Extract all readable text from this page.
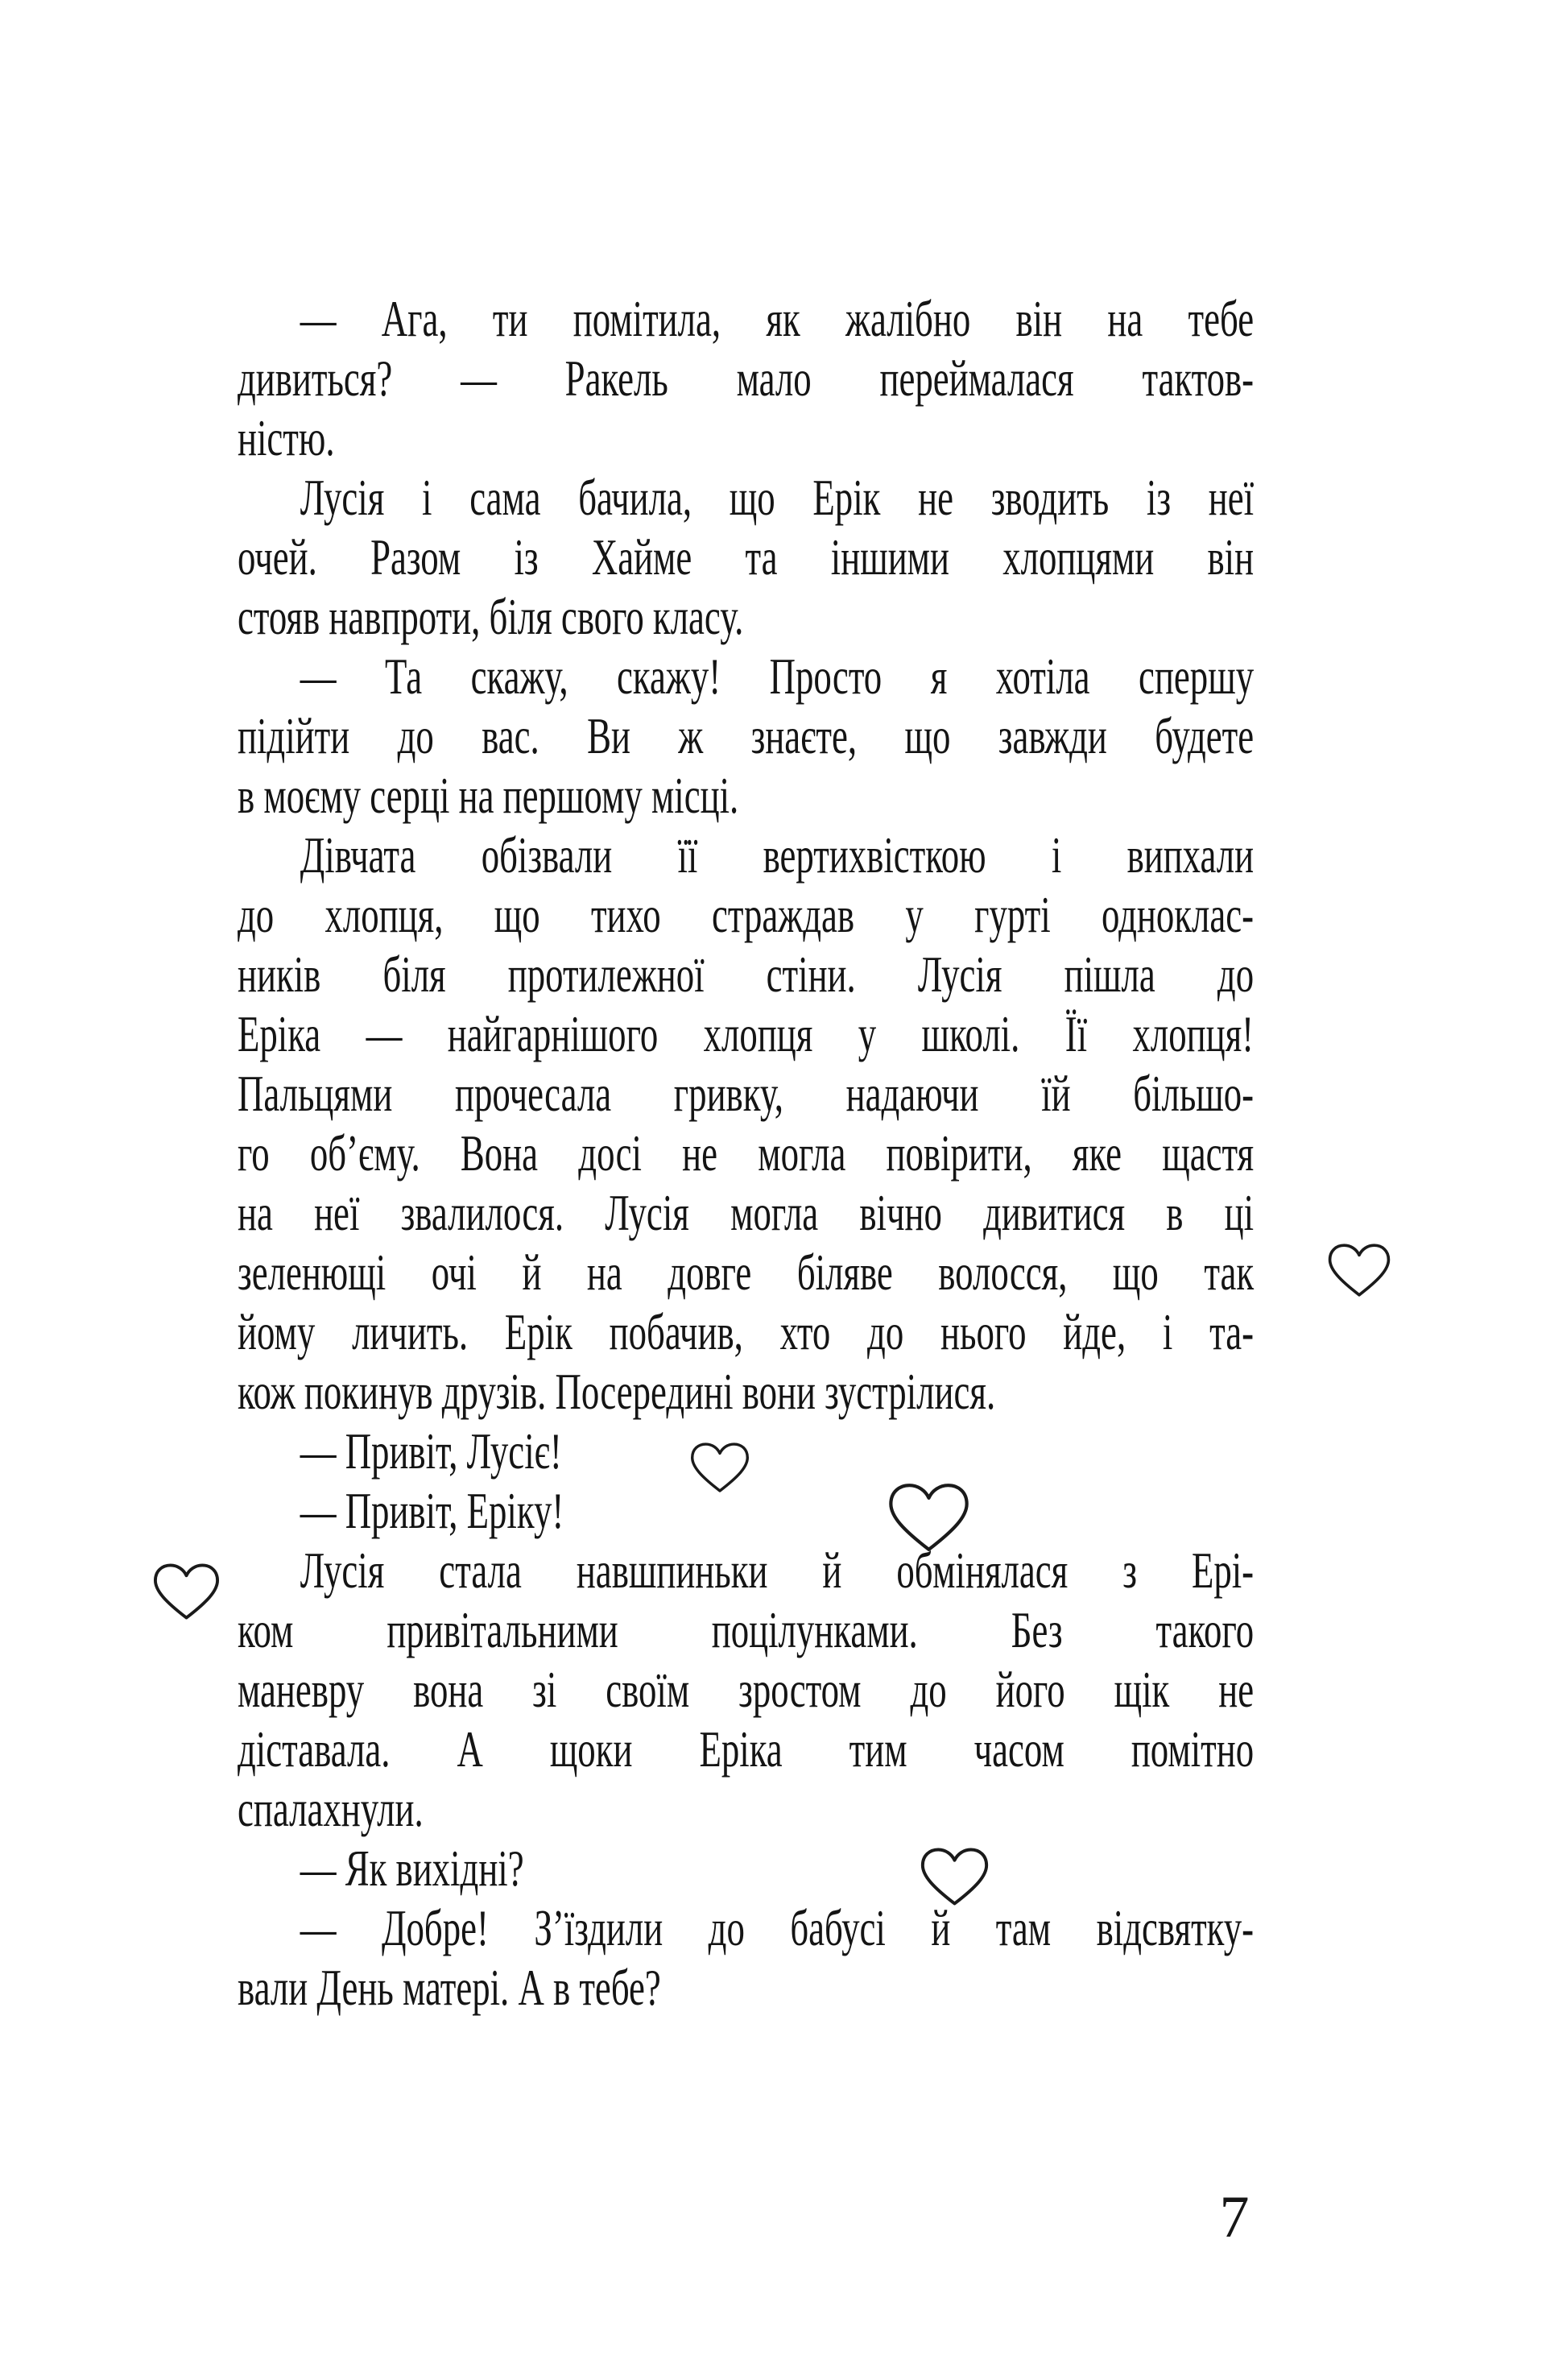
— Ага, ти помітила, як жалібно він на тебе
дивиться? — Ракель мало переймалася тактов-
ністю.
Лусія і сама бачила, що Ерік не зводить із неї
очей. Разом із Хайме та іншими хлопцями він
стояв навпроти, біля свого класу.
— Та скажу, скажу! Просто я хотіла спершу
підійти до вас. Ви ж знаєте, що завжди будете
в моєму серці на першому місці.
Дівчата обізвали її вертихвісткою і випхали
до хлопця, що тихо страждав у гурті одноклас-
ників біля протилежної стіни. Лусія пішла до
Еріка — найгарнішого хлопця у школі. Її хлопця!
Пальцями прочесала гривку, надаючи їй більшо-
го об’єму. Вона досі не могла повірити, яке щастя
на неї звалилося. Лусія могла вічно дивитися в ці
зеленющі очі й на довге біляве волосся, що так
йому личить. Ерік побачив, хто до нього йде, і та-
кож покинув друзів. Посередині вони зустрілися.
— Привіт, Лусіє!
— Привіт, Еріку!
Лусія стала навшпиньки й обмінялася з Ері-
ком привітальними поцілунками. Без такого
маневру вона зі своїм зростом до його щік не
діставала. А щоки Еріка тим часом помітно
спалахнули.
— Як вихідні?
— Добре! З’їздили до бабусі й там відсвятку-
вали День матері. А в тебе?
7
